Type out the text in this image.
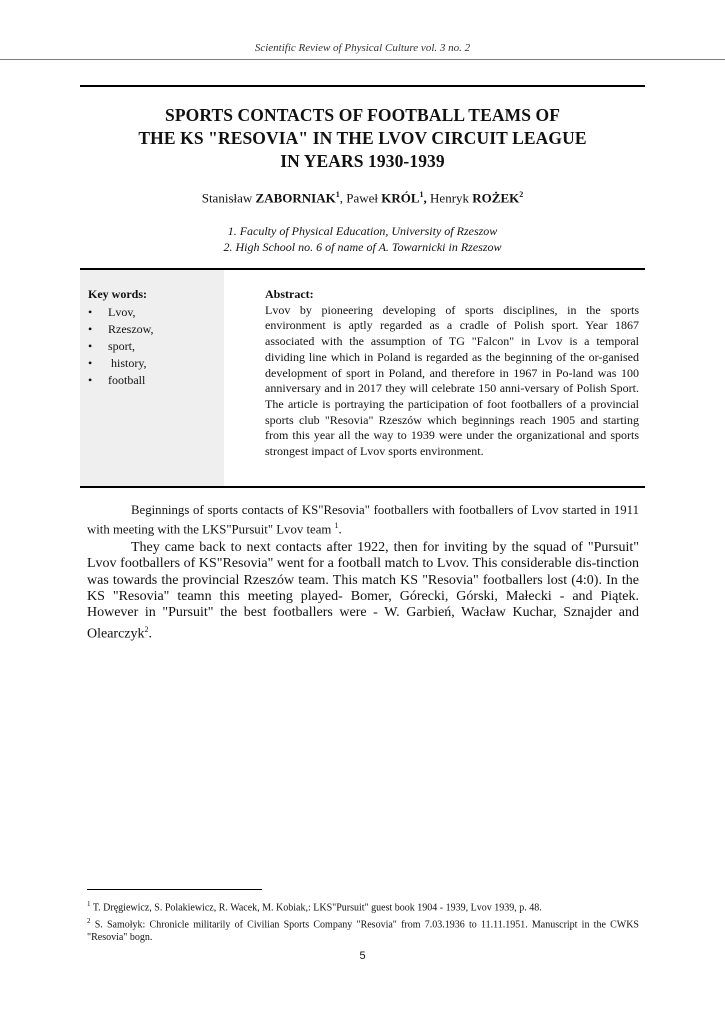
Scientific Review of Physical Culture vol. 3 no. 2
SPORTS CONTACTS OF FOOTBALL TEAMS OF
THE KS "RESOVIA" IN THE LVOV CIRCUIT LEAGUE
IN YEARS 1930-1939
Stanisław ZABORNIAK$^1$, Paweł KRÓL$^1$, Henryk ROŻEK$^2$
1. Faculty of Physical Education, University of Rzeszow
2. High School no. 6 of name of A. Towarnicki in Rzeszow
Key words:
• Lvov,
• Rzeszow,
• sport,
•  history,
• football
Abstract:
Lvov by pioneering developing of sports disciplines, in the sports environment is aptly regarded as a cradle of Polish sport. Year 1867 associated with the assumption of TG "Falcon" in Lvov is a temporal dividing line which in Poland is regarded as the beginning of the or-ganised development of sport in Poland, and therefore in 1967 in Po-land was 100 anniversary and in 2017 they will celebrate 150 anni-versary of Polish Sport. The article is portraying the participation of foot footballers of a provincial sports club "Resovia" Rzeszów which beginnings reach 1905 and starting from this year all the way to 1939 were under the organizational and sports strongest impact of Lvov sports environment.

Beginnings of sports contacts of KS"Resovia" footballers with footballers of Lvov started in 1911 with meeting with the LKS"Pursuit" Lvov team $^1$.

They came back to next contacts after 1922, then for inviting by the squad of "Pursuit" Lvov footballers of KS"Resovia" went for a football match to Lvov. This considerable dis-tinction was towards the provincial Rzeszów team. This match KS "Resovia" footballers lost (4:0). In the KS "Resovia" teamn this meeting played- Bomer, Górecki, Górski, Małecki - and Piątek. However in "Pursuit" the best footballers were - W. Garbień, Wacław Kuchar, Sznajder and Olearczyk$^2$.

$^1$ T. Dręgiewicz, S. Polakiewicz, R. Wacek, M. Kobiak,: LKS"Pursuit" guest book 1904 - 1939, Lvov 1939, p. 48.
$^2$ S. Samołyk: Chronicle militarily of Civilian Sports Company "Resovia" from 7.03.1936 to 11.11.1951. Manuscript in the CWKS "Resovia" bogn.
5
